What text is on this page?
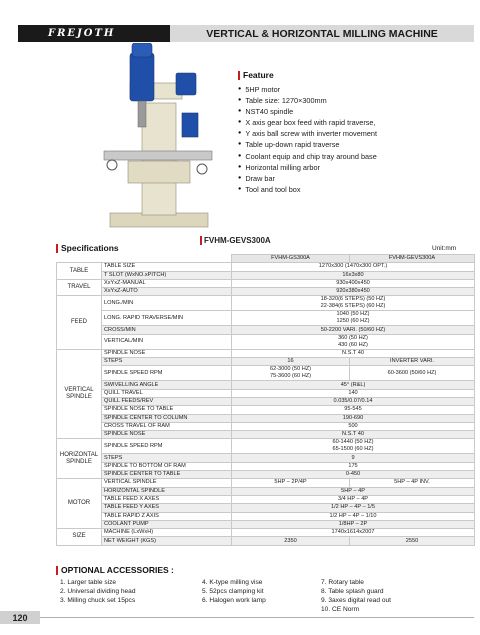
FREJOTH	VERTICAL & HORIZONTAL MILLING MACHINE
Feature
● 5HP motor
● Table size: 1270×300mm
● NST40 spindle
● X axis gear box feed with rapid traverse,
● Y axis ball screw with inverter movement
● Table up-down rapid traverse
● Coolant equip and chip tray around base
● Horizontal milling arbor
● Draw bar
● Tool and tool box
FVHM-GEVS300A
Specifications	Unit:mm
		FVHM-GS300A	FVHM-GEVS300A
TABLE	TABLE SIZE	1270x300 (1470x300 OPT.)	
	T SLOT (WxNO.xPITCH)	16x3x80	
TRAVEL	XxYxZ-MANUAL	930x400x450	
	XxYxZ-AUTO	920x380x450	
FEED	LONG./MIN	18-320(6 STEPS) (50 HZ)
22-384(6 STEPS) (60 HZ)	
	LONG. RAPID TRAVERSE/MIN	1040 (50 HZ)
1250 (60 HZ)	
	CROSS/MIN	50-2200 VARI. (50/60 HZ)	
	VERTICAL/MIN	360 (50 HZ)
430 (60 HZ)	
VERTICAL SPINDLE	SPINDLE NOSE	N.S.T 40	
	STEPS	16	INVERTER VARI.
	SPINDLE SPEED RPM	62-3000 (50 HZ)
75-3600 (60 HZ)	60-3600 (50/60 HZ)
	SWIVELLING ANGLE	45° (R&L)	
	QUILL TRAVEL	140	
	QUILL FEEDS/REV	0.035/0.07/0.14	
	SPINDLE NOSE TO TABLE	95-545	
	SPINDLE CENTER TO COLUMN	190-690	
	CROSS TRAVEL OF RAM	500	
	SPINDLE NOSE	N.S.T 40	
HORIZONTAL SPINDLE	SPINDLE SPEED RPM	60-1440 (50 HZ)
65-1500 (60 HZ)	
	STEPS	9	
	SPINDLE TO BOTTOM OF RAM	175	
	SPINDLE CENTER TO TABLE	0-450	
MOTOR	VERTICAL SPINDLE	5HP – 2P/4P	5HP – 4P INV.
	HORIZONTAL SPINDLE	5HP – 4P	
	TABLE FEED X AXES	3/4 HP – 4P	
	TABLE FEED Y AXES	1/2 HP – 4P – 1/5	
	TABLE RAPID Z AXIS	1/2 HP – 4P – 1/10	
	COOLANT PUMP	1/8HP – 2P	
SIZE	MACHINE (LxWxH)	1740x1614x2007	
	NET WEIGHT (KGS)	2350	2550
OPTIONAL ACCESSORIES :
1. Larger table size
2. Universal dividing head
3. Milling chuck set 15pcs
4. K-type milling vise
5. 52pcs clamping kit
6. Halogen work lamp
7. Rotary table
8. Table splash guard
9. 3axes digital read out
10. CE Norm
120
